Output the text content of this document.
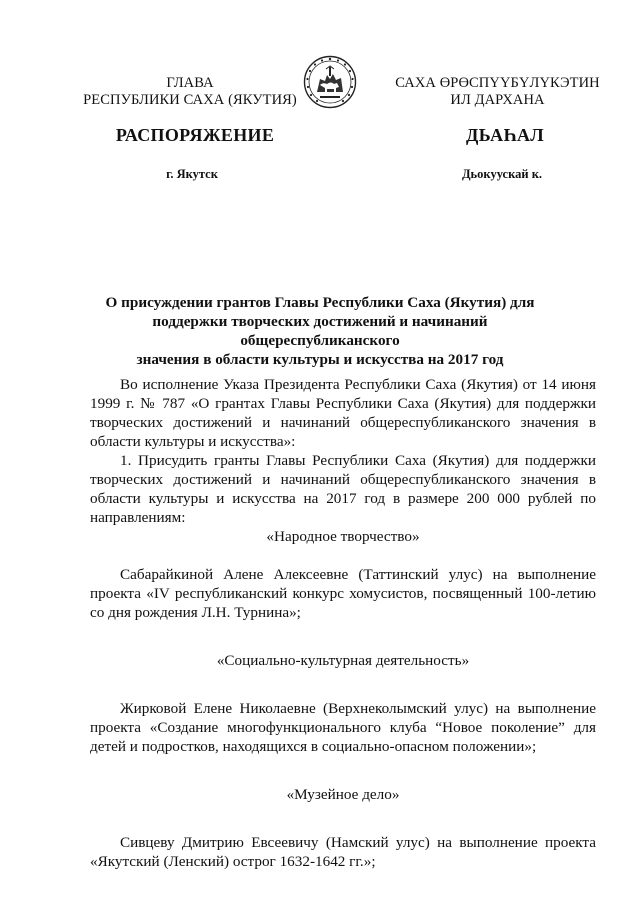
ГЛАВА
РЕСПУБЛИКИ САХА (ЯКУТИЯ)
САХА ӨРӨСПҮҮБҮЛҮКЭТИН
ИЛ ДАРХАНА
РАСПОРЯЖЕНИЕ	ДЬАҺАЛ
г. Якутск	Дьокуускай к.
О присуждении грантов Главы Республики Саха (Якутия) для
поддержки творческих достижений и начинаний общереспубликанского
значения в области культуры и искусства на 2017 год

Во исполнение Указа Президента Республики Саха (Якутия) от 14 июня 1999 г. № 787 «О грантах Главы Республики Саха (Якутия) для поддержки творческих достижений и начинаний общереспубликанского значения в области культуры и искусства»:

1. Присудить гранты Главы Республики Саха (Якутия) для поддержки творческих достижений и начинаний общереспубликанского значения в области культуры и искусства на 2017 год в размере 200 000 рублей по направлениям:

«Народное творчество»

Сабарайкиной Алене Алексеевне (Таттинский улус) на выполнение проекта «IV республиканский конкурс хомусистов, посвященный 100-летию со дня рождения Л.Н. Турнина»;

«Социально-культурная деятельность»

Жирковой Елене Николаевне (Верхнеколымский улус) на выполнение проекта «Создание многофункционального клуба “Новое поколение” для детей и подростков, находящихся в социально-опасном положении»;

«Музейное дело»

Сивцеву Дмитрию Евсеевичу (Намский улус) на выполнение проекта «Якутский (Ленский) острог 1632-1642 гг.»;
